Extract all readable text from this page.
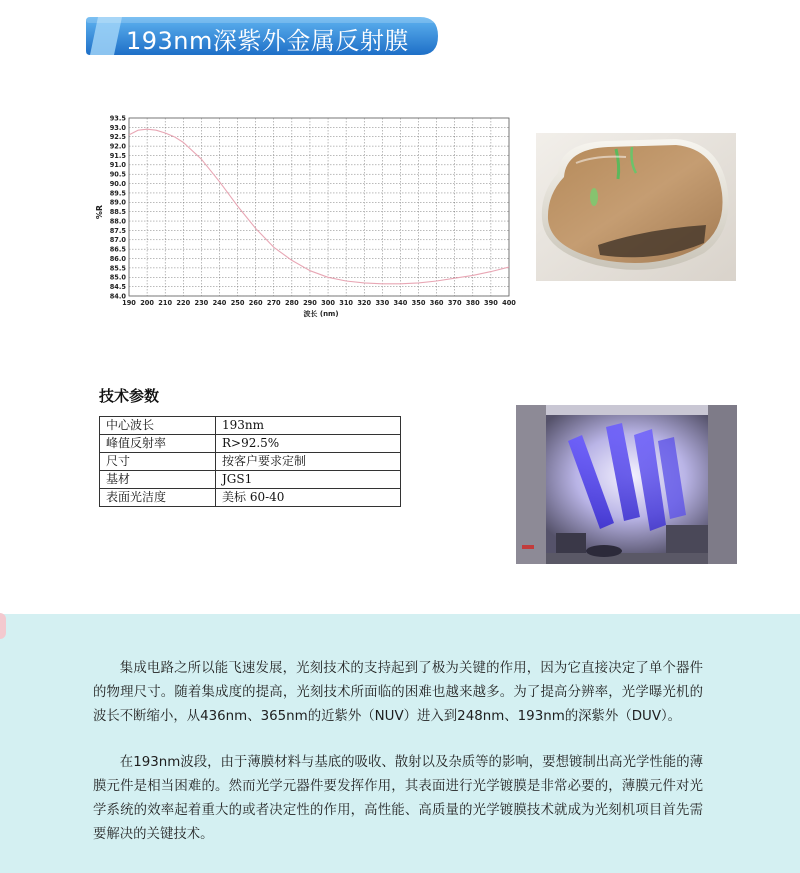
193nm深紫外金属反射膜
84.0
84.5
85.0
85.5
86.0
86.5
87.0
87.5
88.0
88.5
89.0
89.5
90.0
90.5
91.0
91.5
92.0
92.5
93.0
93.5
190 200 210 220 230 240 250 260 270 280 290 300 310 320 330 340 350 360 370 380 390 400
%R
波长 (nm)
技术参数
中心波长	193nm
峰值反射率	R>92.5%
尺寸	按客户要求定制
基材	JGS1
表面光洁度	美标 60-40

集成电路之所以能飞速发展，光刻技术的支持起到了极为关键的作用，因为它直接决定了单个器件的物理尺寸。随着集成度的提高，光刻技术所面临的困难也越来越多。为了提高分辨率，光学曝光机的波长不断缩小，从436nm、365nm的近紫外（NUV）进入到248nm、193nm的深紫外（DUV）。

在193nm波段，由于薄膜材料与基底的吸收、散射以及杂质等的影响，要想镀制出高光学性能的薄膜元件是相当困难的。然而光学元器件要发挥作用，其表面进行光学镀膜是非常必要的，薄膜元件对光学系统的效率起着重大的或者决定性的作用，高性能、高质量的光学镀膜技术就成为光刻机项目首先需要解决的关键技术。
